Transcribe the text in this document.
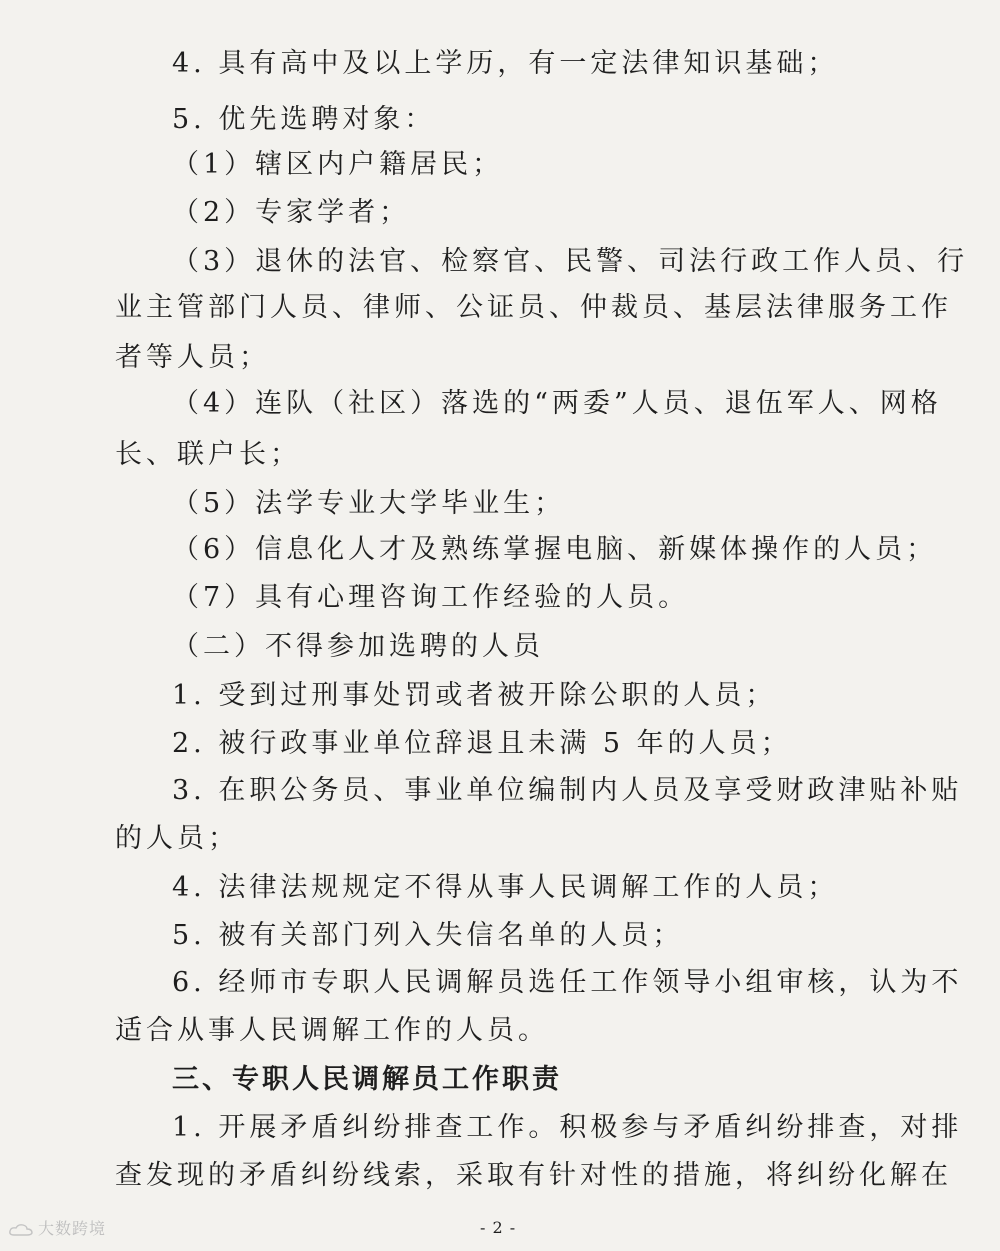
4. 具有高中及以上学历，有一定法律知识基础；
5. 优先选聘对象：
（1）辖区内户籍居民；
（2）专家学者；
（3）退休的法官、检察官、民警、司法行政工作人员、行
业主管部门人员、律师、公证员、仲裁员、基层法律服务工作
者等人员；
（4）连队（社区）落选的“两委”人员、退伍军人、网格
长、联户长；
（5）法学专业大学毕业生；
（6）信息化人才及熟练掌握电脑、新媒体操作的人员；
（7）具有心理咨询工作经验的人员。
（二）不得参加选聘的人员
1. 受到过刑事处罚或者被开除公职的人员；
2. 被行政事业单位辞退且未满 5 年的人员；
3. 在职公务员、事业单位编制内人员及享受财政津贴补贴
的人员；
4. 法律法规规定不得从事人民调解工作的人员；
5. 被有关部门列入失信名单的人员；
6. 经师市专职人民调解员选任工作领导小组审核，认为不
适合从事人民调解工作的人员。
三、专职人民调解员工作职责
1. 开展矛盾纠纷排查工作。积极参与矛盾纠纷排查，对排
查发现的矛盾纠纷线索，采取有针对性的措施，将纠纷化解在
- 2 -
大数跨境
